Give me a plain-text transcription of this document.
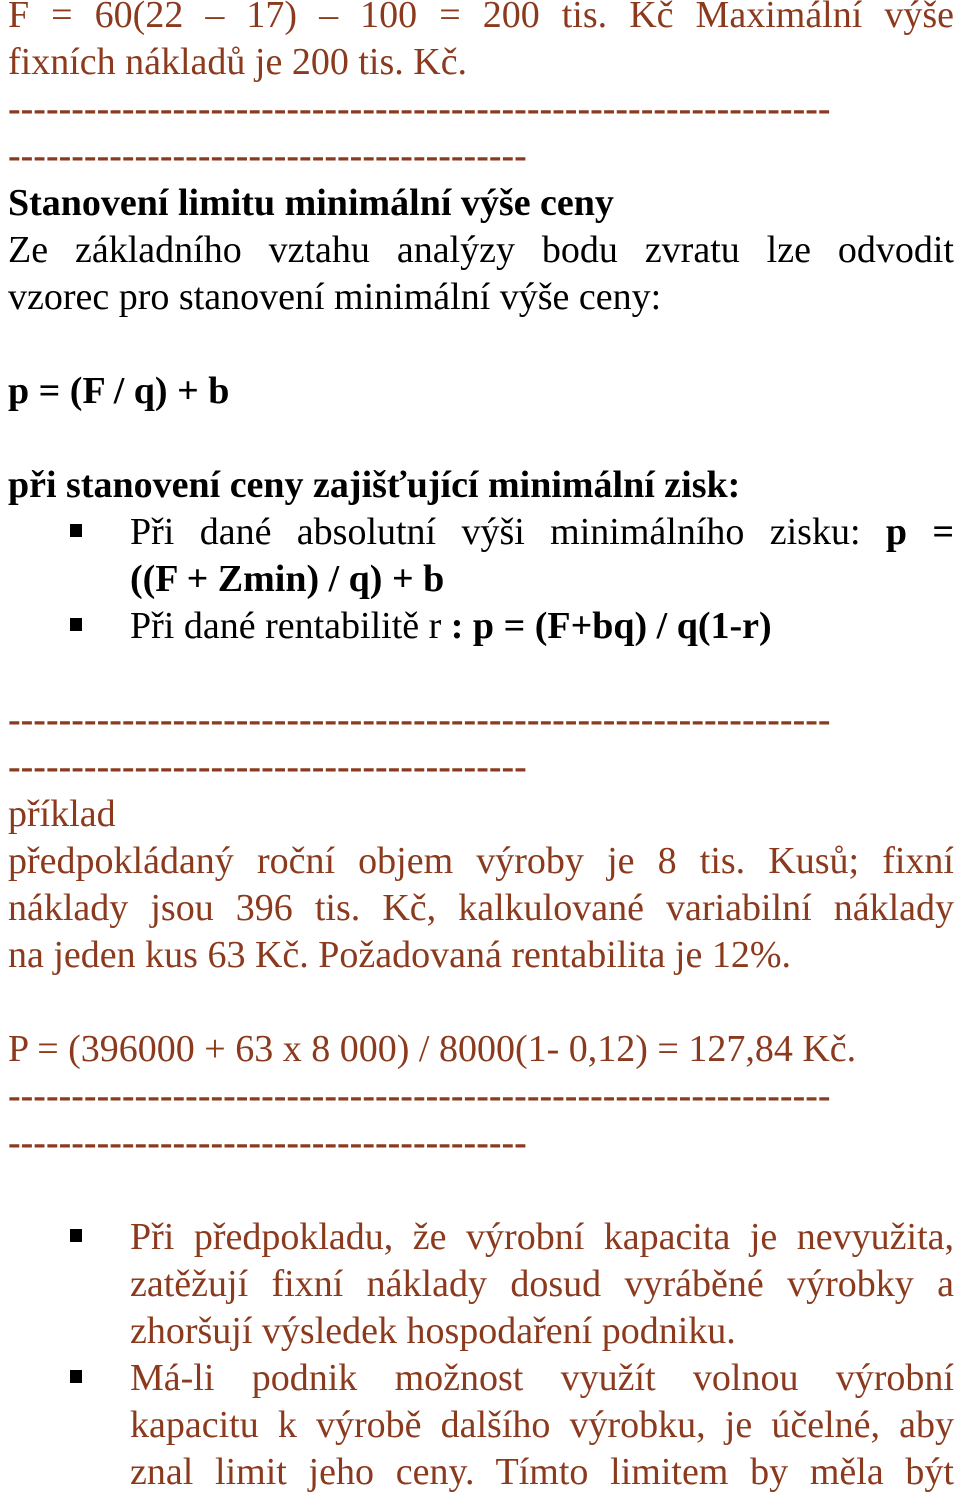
F = 60(22 – 17) – 100 = 200 tis. Kč Maximální výše
fixních nákladů je 200 tis. Kč.
-----------------------------------------------------------------
-----------------------------------------
Stanovení limitu minimální výše ceny
Ze základního vztahu analýzy bodu zvratu lze odvodit
vzorec pro stanovení minimální výše ceny:
p = (F / q) + b
při stanovení ceny zajišťující minimální zisk:
Při dané absolutní výši minimálního zisku: p =
((F + Zmin) / q) + b
Při dané rentabilitě r : p = (F+bq) / q(1-r)
-----------------------------------------------------------------
-----------------------------------------
příklad
předpokládaný roční objem výroby je 8 tis. Kusů; fixní
náklady jsou 396 tis. Kč, kalkulované variabilní náklady
na jeden kus 63 Kč. Požadovaná rentabilita je 12%.
P = (396000 + 63 x 8 000) / 8000(1- 0,12) = 127,84 Kč.
-----------------------------------------------------------------
-----------------------------------------
Při předpokladu, že výrobní kapacita je nevyužita,
zatěžují fixní náklady dosud vyráběné výrobky a
zhoršují výsledek hospodaření podniku.
Má-li podnik možnost využít volnou výrobní
kapacitu k výrobě dalšího výrobku, je účelné, aby
znal limit jeho ceny. Tímto limitem by měla být
